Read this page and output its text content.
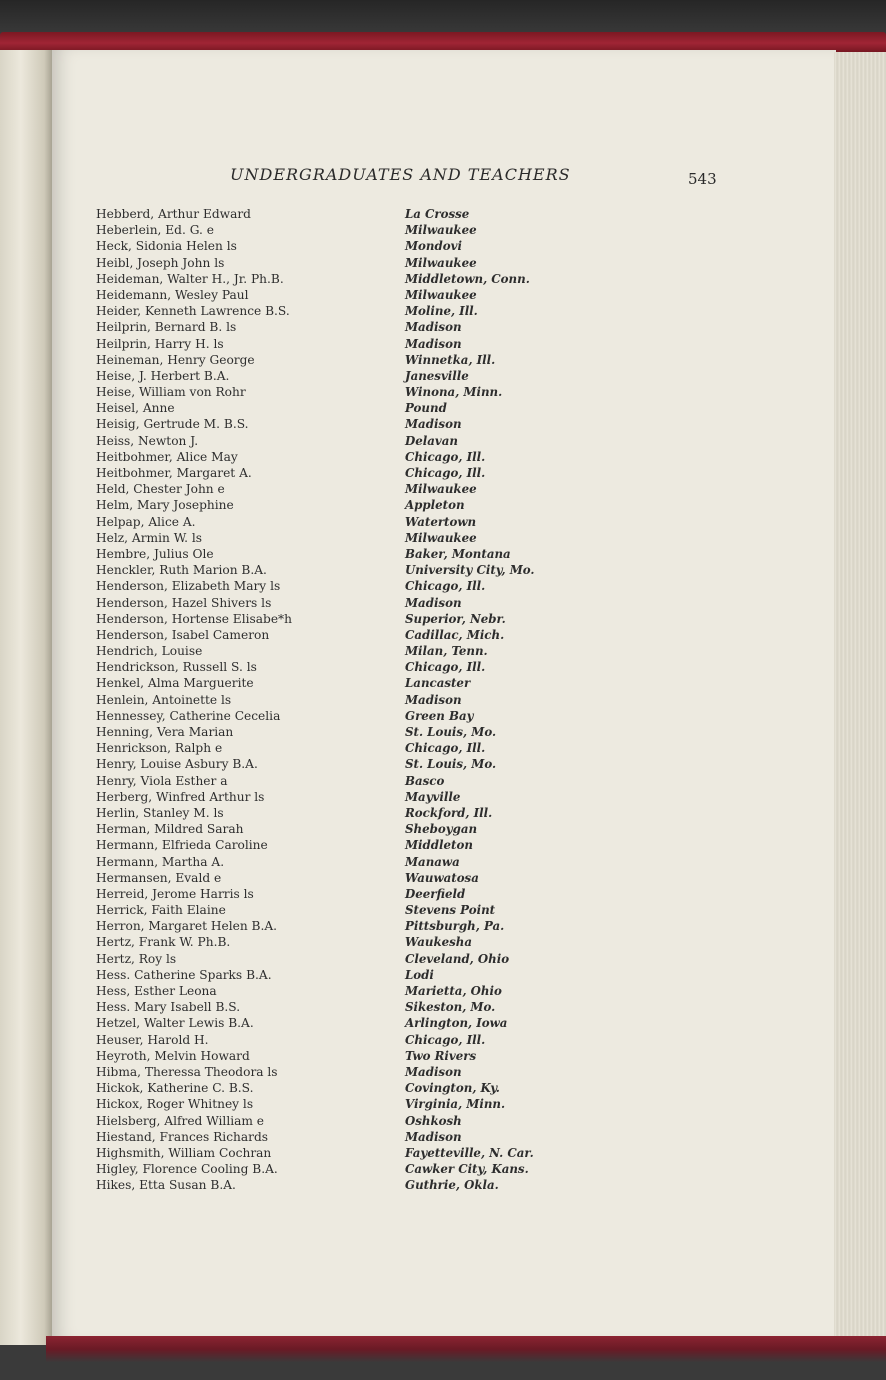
UNDERGRADUATES AND TEACHERS	543
Hebberd, Arthur Edward	La Crosse
Heberlein, Ed. G. e	Milwaukee
Heck, Sidonia Helen ls	Mondovi
Heibl, Joseph John ls	Milwaukee
Heideman, Walter H., Jr. Ph.B.	Middletown, Conn.
Heidemann, Wesley Paul	Milwaukee
Heider, Kenneth Lawrence B.S.	Moline, Ill.
Heilprin, Bernard B. ls	Madison
Heilprin, Harry H. ls	Madison
Heineman, Henry George	Winnetka, Ill.
Heise, J. Herbert B.A.	Janesville
Heise, William von Rohr	Winona, Minn.
Heisel, Anne	Pound
Heisig, Gertrude M. B.S.	Madison
Heiss, Newton J.	Delavan
Heitbohmer, Alice May	Chicago, Ill.
Heitbohmer, Margaret A.	Chicago, Ill.
Held, Chester John e	Milwaukee
Helm, Mary Josephine	Appleton
Helpap, Alice A.	Watertown
Helz, Armin W. ls	Milwaukee
Hembre, Julius Ole	Baker, Montana
Henckler, Ruth Marion B.A.	University City, Mo.
Henderson, Elizabeth Mary ls	Chicago, Ill.
Henderson, Hazel Shivers ls	Madison
Henderson, Hortense Elisabe*h	Superior, Nebr.
Henderson, Isabel Cameron	Cadillac, Mich.
Hendrich, Louise	Milan, Tenn.
Hendrickson, Russell S. ls	Chicago, Ill.
Henkel, Alma Marguerite	Lancaster
Henlein, Antoinette ls	Madison
Hennessey, Catherine Cecelia	Green Bay
Henning, Vera Marian	St. Louis, Mo.
Henrickson, Ralph e	Chicago, Ill.
Henry, Louise Asbury B.A.	St. Louis, Mo.
Henry, Viola Esther a	Basco
Herberg, Winfred Arthur ls	Mayville
Herlin, Stanley M. ls	Rockford, Ill.
Herman, Mildred Sarah	Sheboygan
Hermann, Elfrieda Caroline	Middleton
Hermann, Martha A.	Manawa
Hermansen, Evald e	Wauwatosa
Herreid, Jerome Harris ls	Deerfield
Herrick, Faith Elaine	Stevens Point
Herron, Margaret Helen B.A.	Pittsburgh, Pa.
Hertz, Frank W. Ph.B.	Waukesha
Hertz, Roy ls	Cleveland, Ohio
Hess. Catherine Sparks B.A.	Lodi
Hess, Esther Leona	Marietta, Ohio
Hess. Mary Isabell B.S.	Sikeston, Mo.
Hetzel, Walter Lewis B.A.	Arlington, Iowa
Heuser, Harold H.	Chicago, Ill.
Heyroth, Melvin Howard	Two Rivers
Hibma, Theressa Theodora ls	Madison
Hickok, Katherine C. B.S.	Covington, Ky.
Hickox, Roger Whitney ls	Virginia, Minn.
Hielsberg, Alfred William e	Oshkosh
Hiestand, Frances Richards	Madison
Highsmith, William Cochran	Fayetteville, N. Car.
Higley, Florence Cooling B.A.	Cawker City, Kans.
Hikes, Etta Susan B.A.	Guthrie, Okla.
